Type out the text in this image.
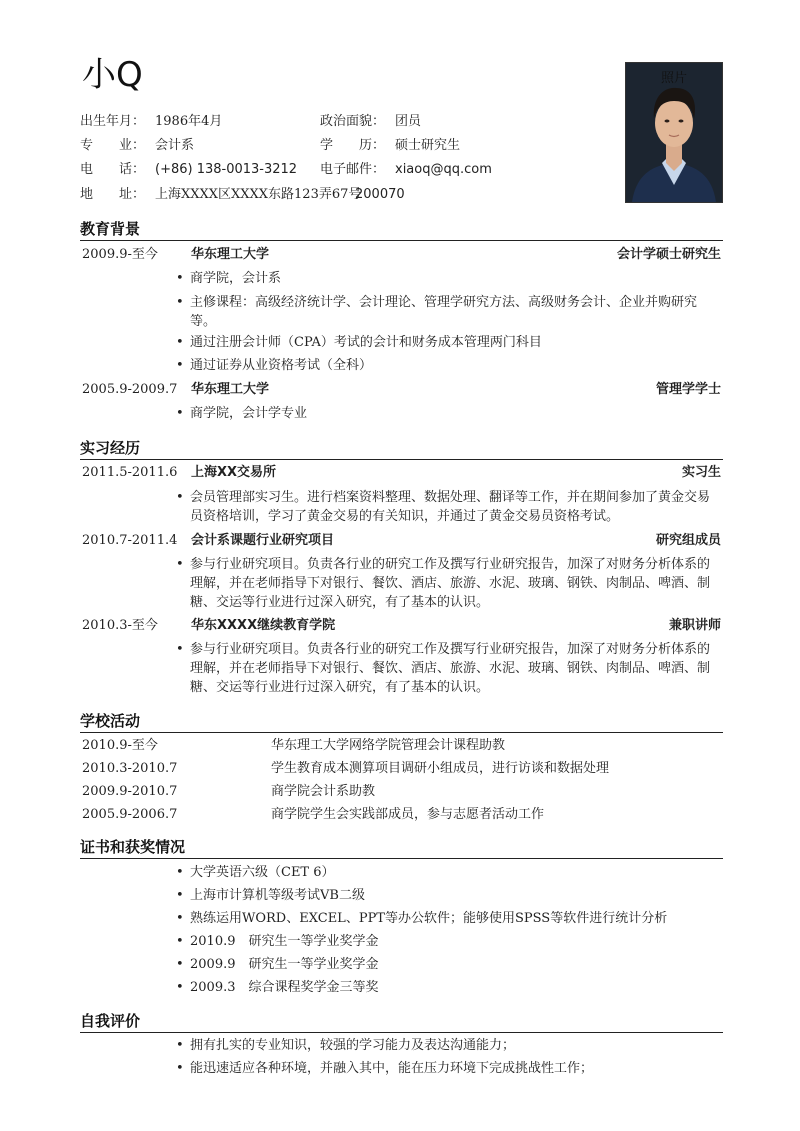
小Q
出生年月： 1986年4月	政治面貌： 团员
专　　业： 会计系	学　　历： 硕士研究生
电　　话： (+86) 138-0013-3212 电子邮件： xiaoq@qq.com
地　　址： 上海XXXX区XXXX东路123弄67号
200070
照片
教育背景
2009.9-至今	华东理工大学	会计学硕士研究生
• 商学院，会计系
• 主修课程：高级经济统计学、会计理论、管理学研究方法、高级财务会计、企业并购研究等。
• 通过注册会计师（CPA）考试的会计和财务成本管理两门科目
• 通过证券从业资格考试（全科）
2005.9-2009.7 华东理工大学	管理学学士
• 商学院，会计学专业
实习经历
2011.5-2011.6 上海XX交易所	实习生
• 会员管理部实习生。进行档案资料整理、数据处理、翻译等工作，并在期间参加了黄金交易员资格培训，学习了黄金交易的有关知识，并通过了黄金交易员资格考试。
2010.7-2011.4 会计系课题行业研究项目	研究组成员
• 参与行业研究项目。负责各行业的研究工作及撰写行业研究报告，加深了对财务分析体系的理解，并在老师指导下对银行、餐饮、酒店、旅游、水泥、玻璃、钢铁、肉制品、啤酒、制糖、交运等行业进行过深入研究，有了基本的认识。
2010.3-至今	华东XXXX继续教育学院	兼职讲师
• 参与行业研究项目。负责各行业的研究工作及撰写行业研究报告，加深了对财务分析体系的理解，并在老师指导下对银行、餐饮、酒店、旅游、水泥、玻璃、钢铁、肉制品、啤酒、制糖、交运等行业进行过深入研究，有了基本的认识。
学校活动
2010.9-至今	华东理工大学网络学院管理会计课程助教
2010.3-2010.7	学生教育成本测算项目调研小组成员，进行访谈和数据处理
2009.9-2010.7	商学院会计系助教
2005.9-2006.7	商学院学生会实践部成员，参与志愿者活动工作
证书和获奖情况
• 大学英语六级（CET 6）
• 上海市计算机等级考试VB二级
• 熟练运用WORD、EXCEL、PPT等办公软件；能够使用SPSS等软件进行统计分析
• 2010.9　研究生一等学业奖学金
• 2009.9　研究生一等学业奖学金
• 2009.3　综合课程奖学金三等奖
自我评价
• 拥有扎实的专业知识，较强的学习能力及表达沟通能力；
• 能迅速适应各种环境，并融入其中，能在压力环境下完成挑战性工作；
